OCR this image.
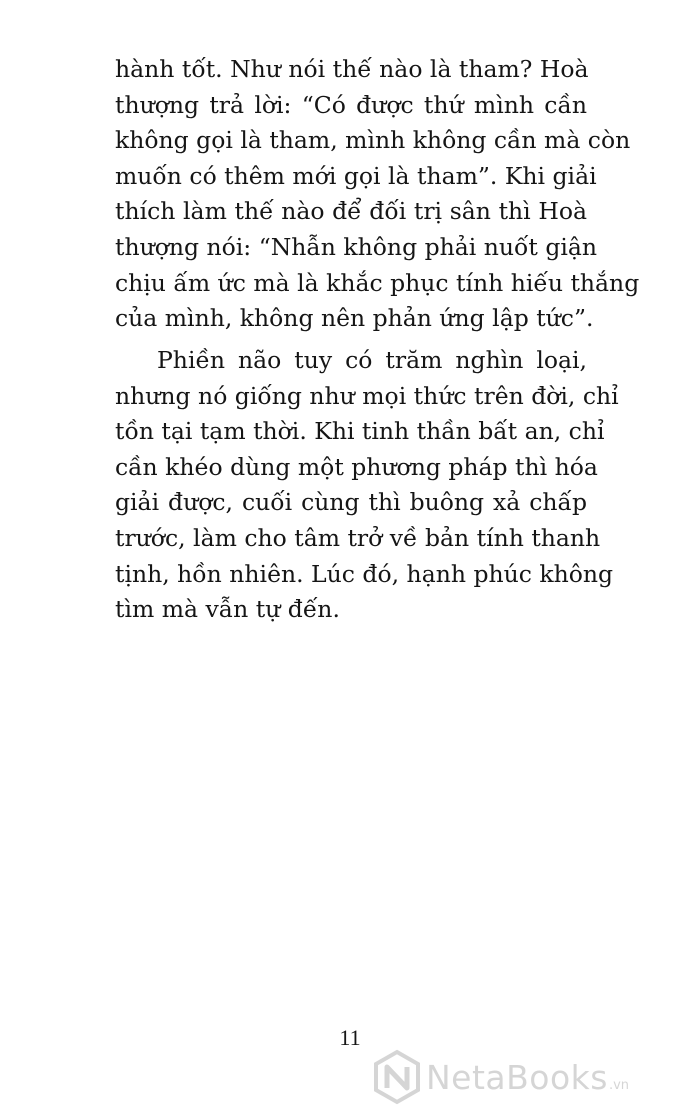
hành tốt. Như nói thế nào là tham? Hoà
thượng trả lời: “Có được thứ mình cần
không gọi là tham, mình không cần mà còn
muốn có thêm mới gọi là tham”. Khi giải
thích làm thế nào để đối trị sân thì Hoà
thượng nói: “Nhẫn không phải nuốt giận
chịu ấm ức mà là khắc phục tính hiếu thắng
của mình, không nên phản ứng lập tức”.
Phiền não tuy có trăm nghìn loại,
nhưng nó giống như mọi thức trên đời, chỉ
tồn tại tạm thời. Khi tinh thần bất an, chỉ
cần khéo dùng một phương pháp thì hóa
giải được, cuối cùng thì buông xả chấp
trước, làm cho tâm trở về bản tính thanh
tịnh, hồn nhiên. Lúc đó, hạnh phúc không
tìm mà vẫn tự đến.
11
NetaBooks .vn
